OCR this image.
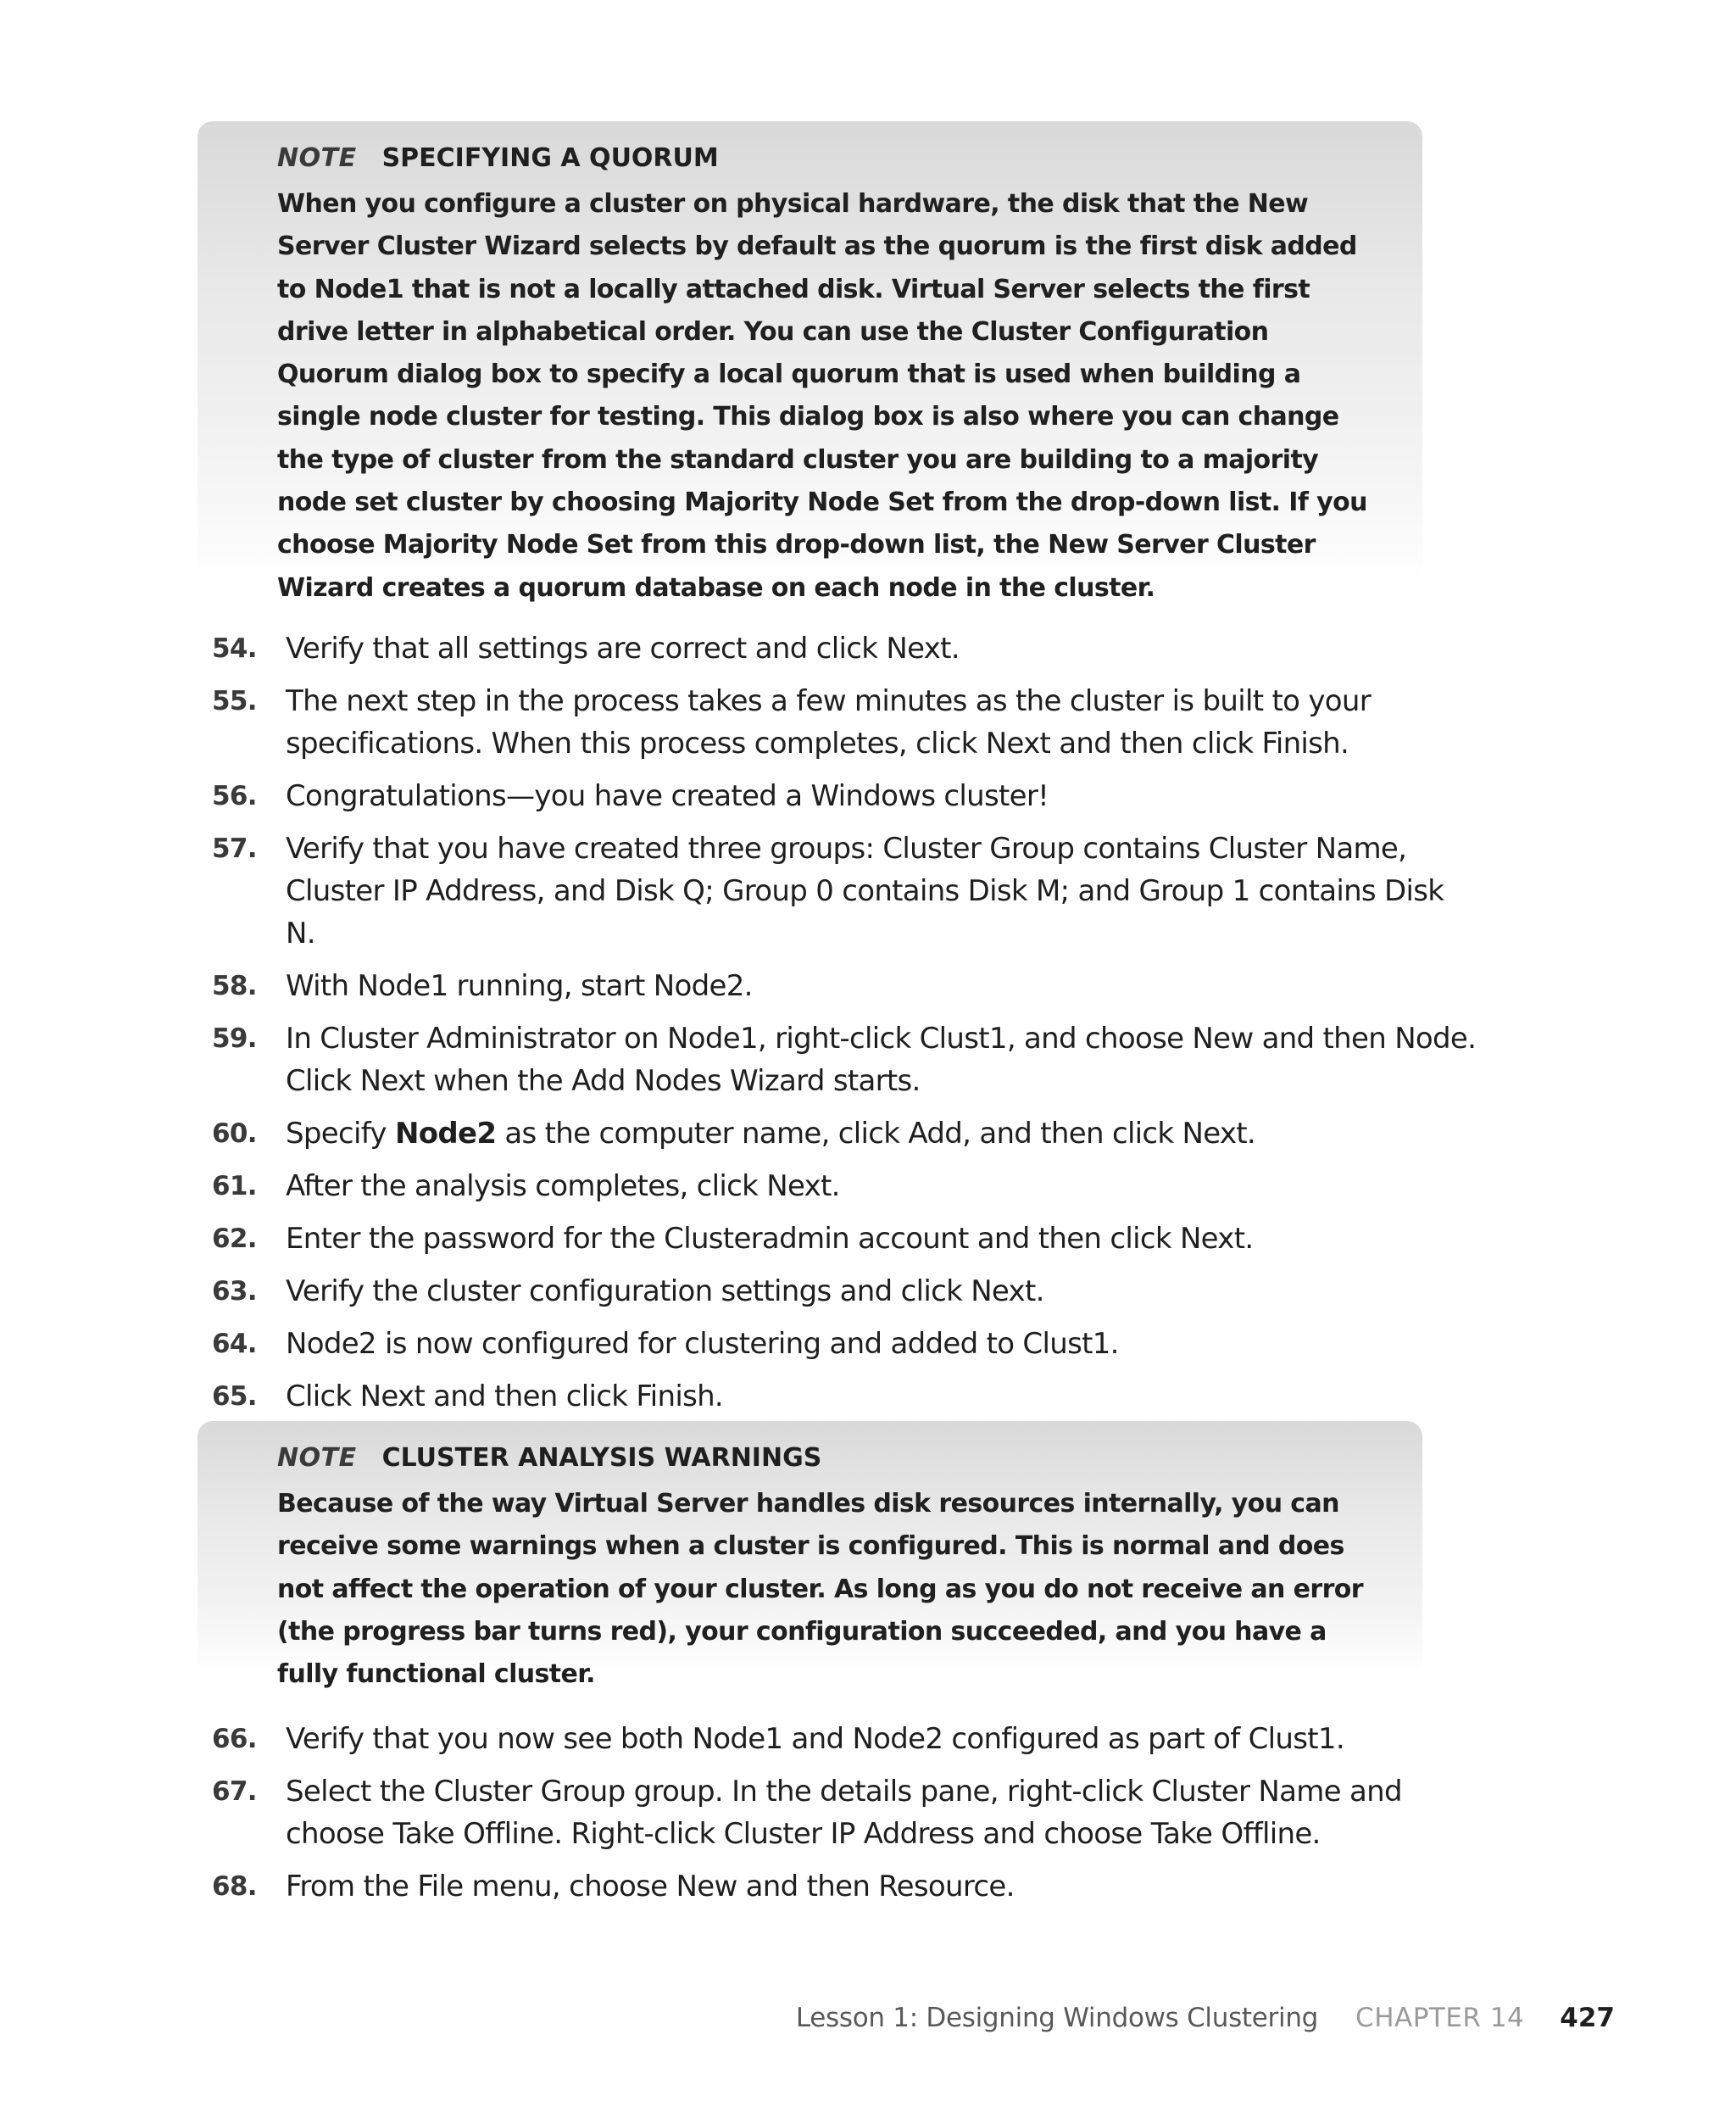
NOTE SPECIFYING A QUORUM
When you configure a cluster on physical hardware, the disk that the New Server Cluster Wizard selects by default as the quorum is the first disk added to Node1 that is not a locally attached disk. Virtual Server selects the first drive letter in alphabetical order. You can use the Cluster Configuration Quorum dialog box to specify a local quorum that is used when building a single node cluster for testing. This dialog box is also where you can change the type of cluster from the standard cluster you are building to a majority node set cluster by choosing Majority Node Set from the drop-down list. If you choose Majority Node Set from this drop-down list, the New Server Cluster Wizard creates a quorum database on each node in the cluster.
54. Verify that all settings are correct and click Next.
55. The next step in the process takes a few minutes as the cluster is built to your specifications. When this process completes, click Next and then click Finish.
56. Congratulations—you have created a Windows cluster!
57. Verify that you have created three groups: Cluster Group contains Cluster Name, Cluster IP Address, and Disk Q; Group 0 contains Disk M; and Group 1 contains Disk N.
58. With Node1 running, start Node2.
59. In Cluster Administrator on Node1, right-click Clust1, and choose New and then Node. Click Next when the Add Nodes Wizard starts.
60. Specify Node2 as the computer name, click Add, and then click Next.
61. After the analysis completes, click Next.
62. Enter the password for the Clusteradmin account and then click Next.
63. Verify the cluster configuration settings and click Next.
64. Node2 is now configured for clustering and added to Clust1.
65. Click Next and then click Finish.
NOTE CLUSTER ANALYSIS WARNINGS
Because of the way Virtual Server handles disk resources internally, you can receive some warnings when a cluster is configured. This is normal and does not affect the operation of your cluster. As long as you do not receive an error (the progress bar turns red), your configuration succeeded, and you have a fully functional cluster.
66. Verify that you now see both Node1 and Node2 configured as part of Clust1.
67. Select the Cluster Group group. In the details pane, right-click Cluster Name and choose Take Offline. Right-click Cluster IP Address and choose Take Offline.
68. From the File menu, choose New and then Resource.
Lesson 1: Designing Windows Clustering CHAPTER 14 427
